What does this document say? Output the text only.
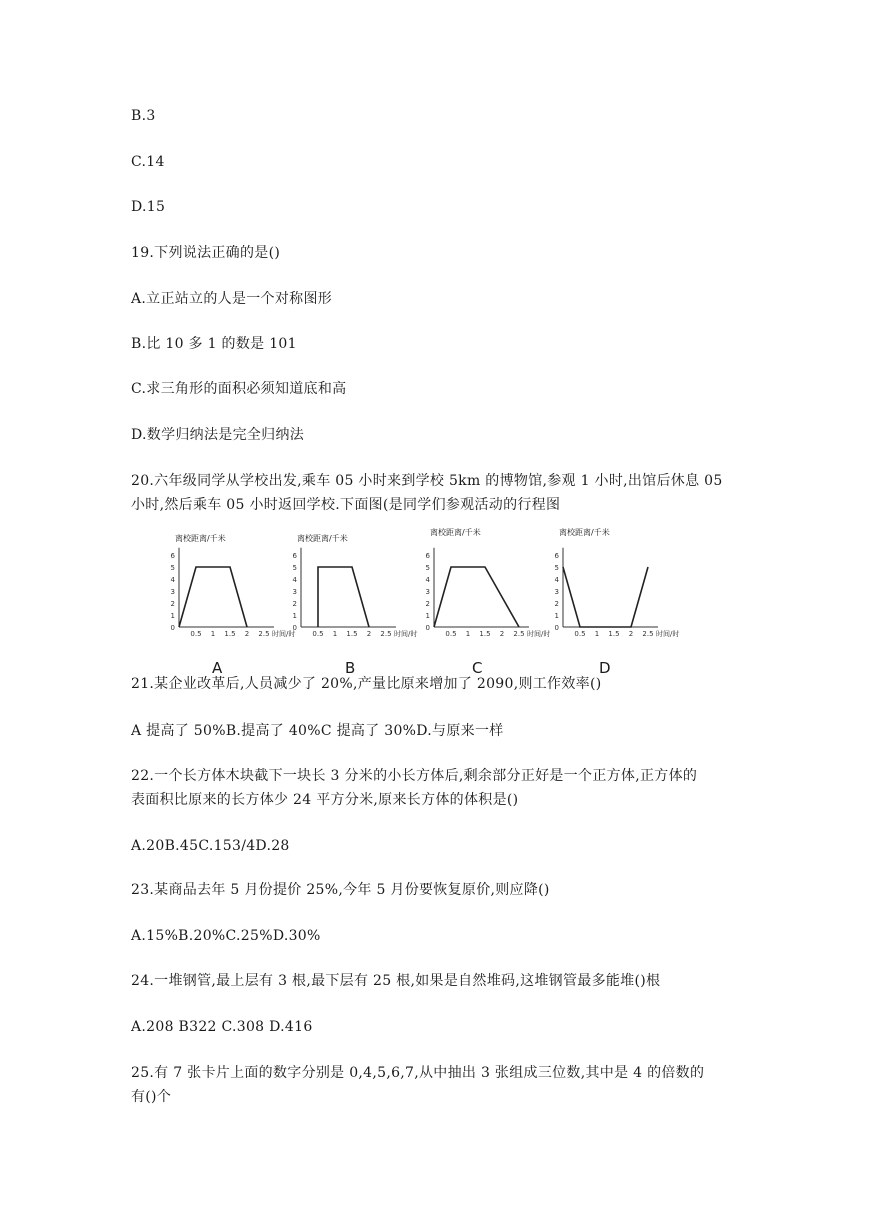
B.3
C.14
D.15
19.下列说法正确的是()
A.立正站立的人是一个对称图形
B.比 10 多 1 的数是 101
C.求三角形的面积必须知道底和高
D.数学归纳法是完全归纳法
20.六年级同学从学校出发,乘车 05 小时来到学校 5km 的博物馆,参观 1 小时,出馆后休息 05
小时,然后乘车 05 小时返回学校.下面图(是同学们参观活动的行程图
离校距离/千米
0
1
2
3
4
5
6
0.5 1 1.5 2 2.5 时间/时
A
离校距离/千米
0
1
2
3
4
5
6
0.5 1 1.5 2 2.5 时间/时
B
离校距离/千米
0
1
2
3
4
5
6
0.5 1 1.5 2 2.5 时间/时
C
离校距离/千米
0
1
2
3
4
5
6
0.5 1 1.5 2 2.5 时间/时
D
21.某企业改革后,人员减少了 20%,产量比原来增加了 2090,则工作效率()
A 提高了 50%B.提高了 40%C 提高了 30%D.与原来一样
22.一个长方体木块截下一块长 3 分米的小长方体后,剩余部分正好是一个正方体,正方体的
表面积比原来的长方体少 24 平方分米,原来长方体的体积是()
A.20B.45C.153/4D.28
23.某商品去年 5 月份提价 25%,今年 5 月份要恢复原价,则应降()
A.15%B.20%C.25%D.30%
24.一堆钢管,最上层有 3 根,最下层有 25 根,如果是自然堆码,这堆钢管最多能堆()根
A.208 B322 C.308 D.416
25.有 7 张卡片上面的数字分别是 0,4,5,6,7,从中抽出 3 张组成三位数,其中是 4 的倍数的
有()个
